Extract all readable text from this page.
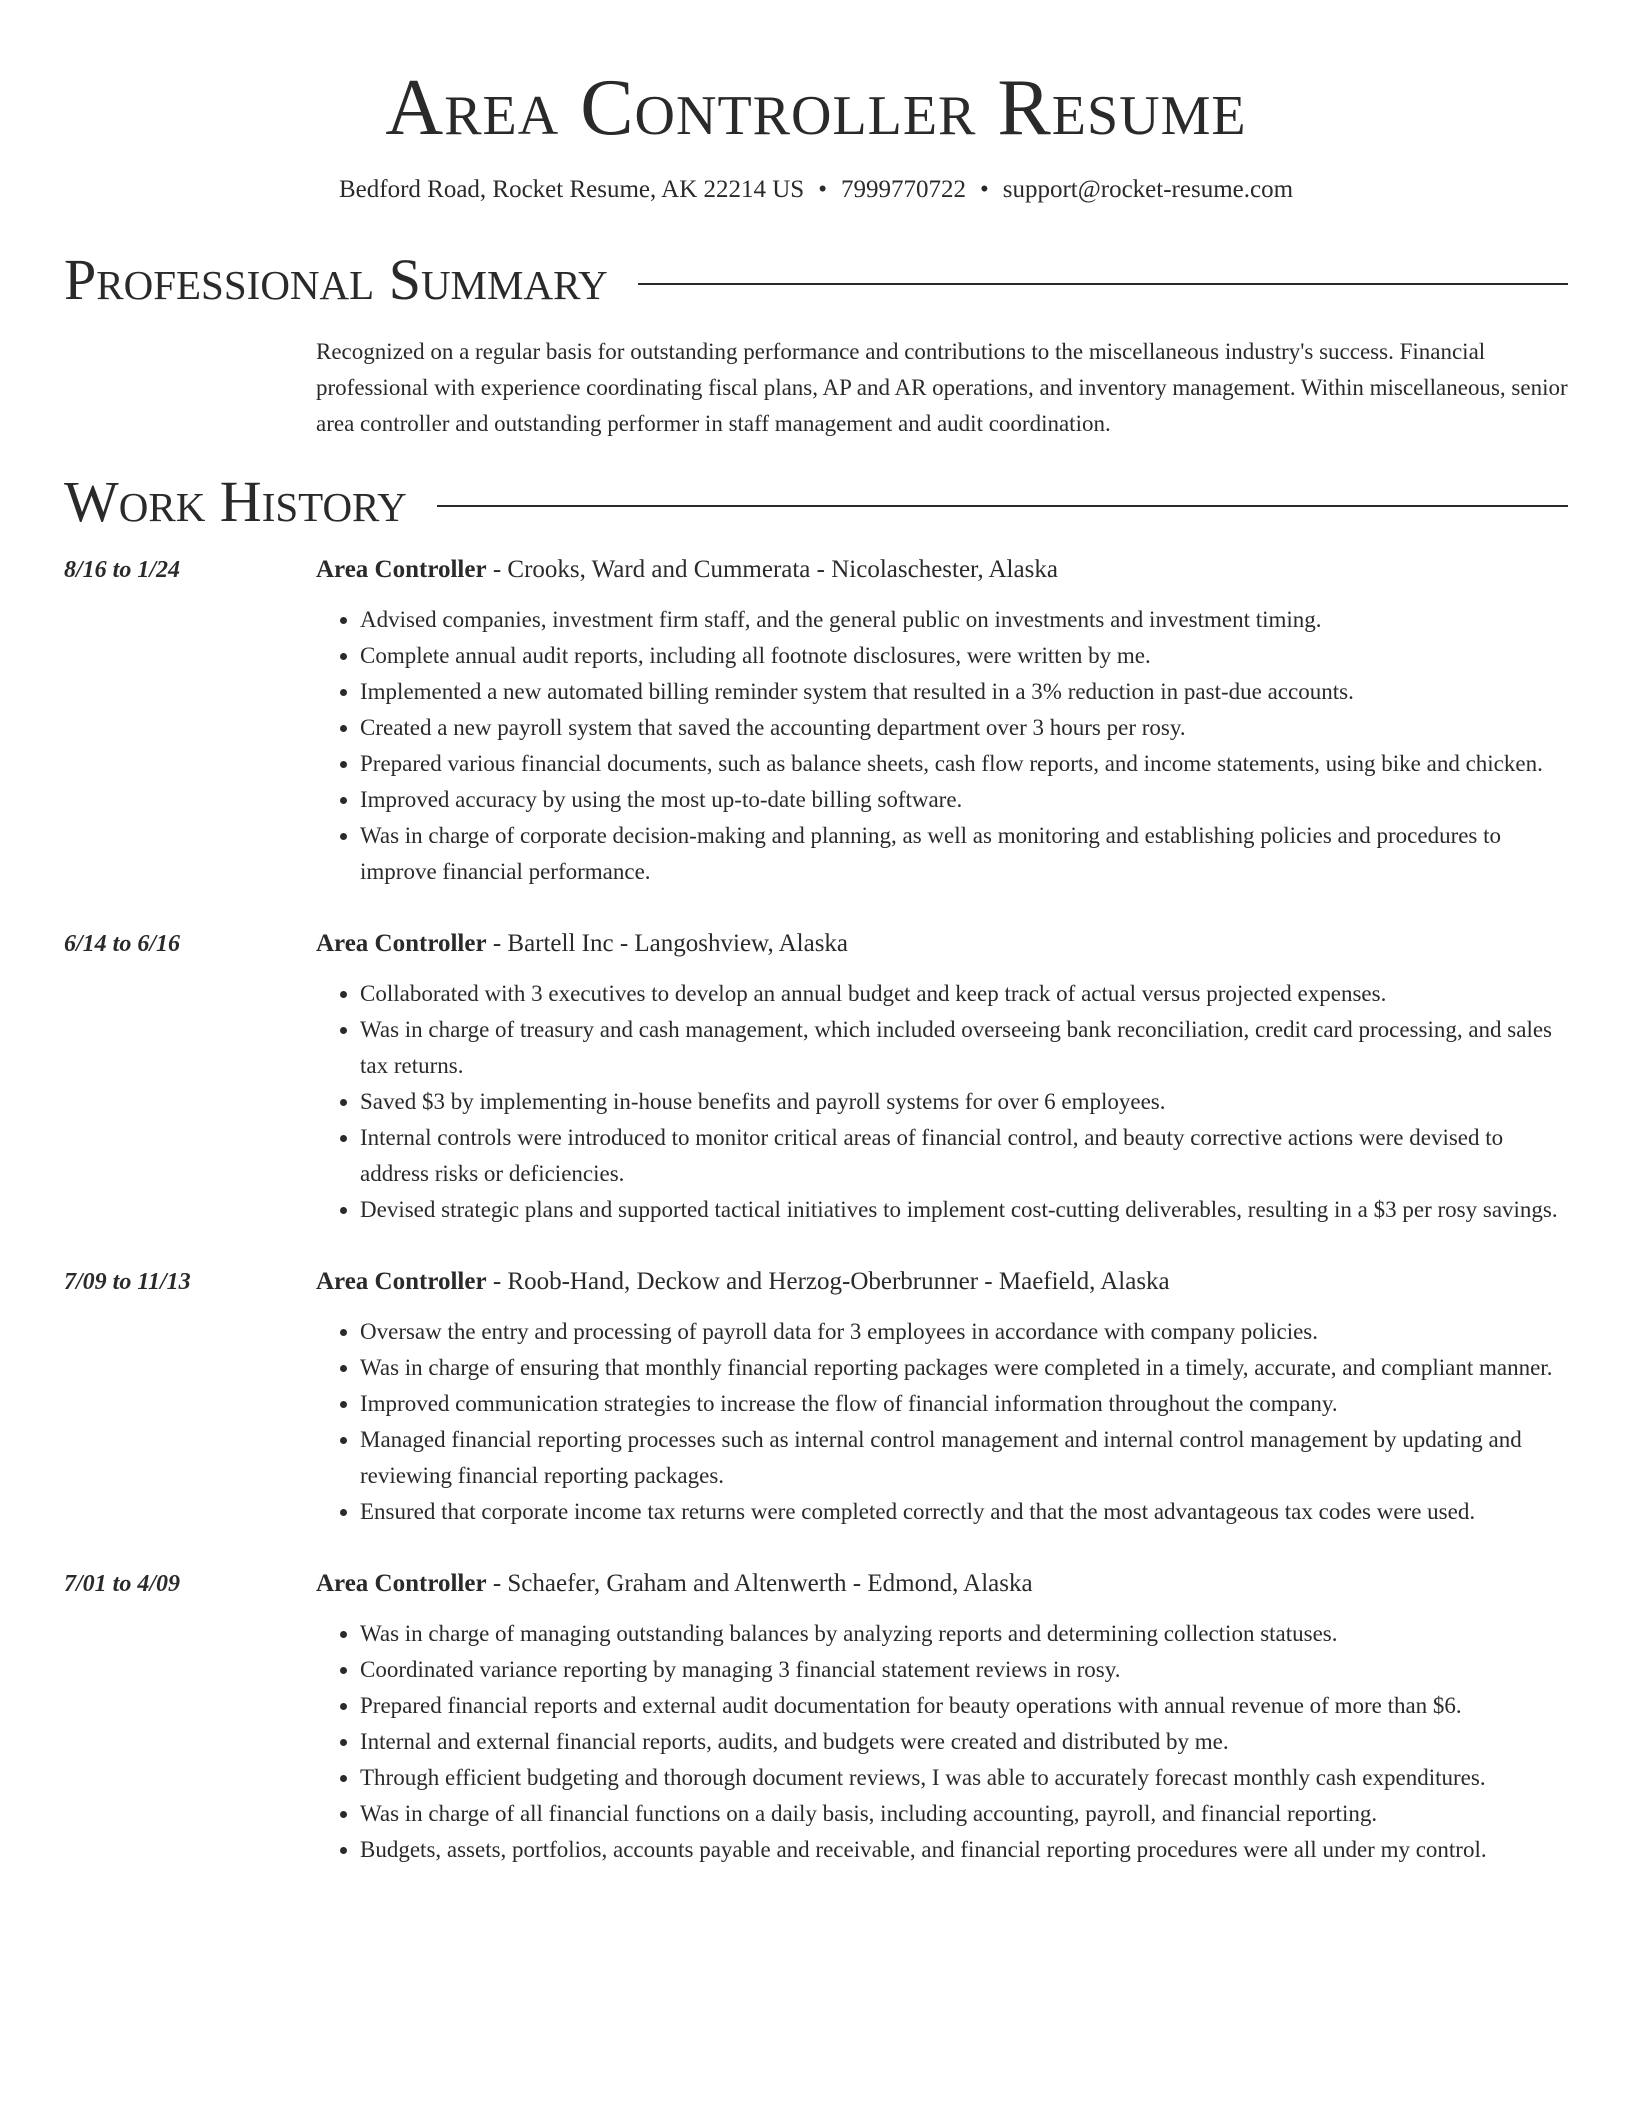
Area Controller Resume
Bedford Road, Rocket Resume, AK 22214 US • 7999770722 • support@rocket-resume.com
Professional Summary
Recognized on a regular basis for outstanding performance and contributions to the miscellaneous industry's success. Financial professional with experience coordinating fiscal plans, AP and AR operations, and inventory management. Within miscellaneous, senior area controller and outstanding performer in staff management and audit coordination.
Work History
8/16 to 1/24	Area Controller - Crooks, Ward and Cummerata - Nicolaschester, Alaska
• Advised companies, investment firm staff, and the general public on investments and investment timing.
• Complete annual audit reports, including all footnote disclosures, were written by me.
• Implemented a new automated billing reminder system that resulted in a 3% reduction in past-due accounts.
• Created a new payroll system that saved the accounting department over 3 hours per rosy.
• Prepared various financial documents, such as balance sheets, cash flow reports, and income statements, using bike and chicken.
• Improved accuracy by using the most up-to-date billing software.
• Was in charge of corporate decision-making and planning, as well as monitoring and establishing policies and procedures to improve financial performance.
6/14 to 6/16	Area Controller - Bartell Inc - Langoshview, Alaska
• Collaborated with 3 executives to develop an annual budget and keep track of actual versus projected expenses.
• Was in charge of treasury and cash management, which included overseeing bank reconciliation, credit card processing, and sales tax returns.
• Saved $3 by implementing in-house benefits and payroll systems for over 6 employees.
• Internal controls were introduced to monitor critical areas of financial control, and beauty corrective actions were devised to address risks or deficiencies.
• Devised strategic plans and supported tactical initiatives to implement cost-cutting deliverables, resulting in a $3 per rosy savings.
7/09 to 11/13	Area Controller - Roob-Hand, Deckow and Herzog-Oberbrunner - Maefield, Alaska
• Oversaw the entry and processing of payroll data for 3 employees in accordance with company policies.
• Was in charge of ensuring that monthly financial reporting packages were completed in a timely, accurate, and compliant manner.
• Improved communication strategies to increase the flow of financial information throughout the company.
• Managed financial reporting processes such as internal control management and internal control management by updating and reviewing financial reporting packages.
• Ensured that corporate income tax returns were completed correctly and that the most advantageous tax codes were used.
7/01 to 4/09	Area Controller - Schaefer, Graham and Altenwerth - Edmond, Alaska
• Was in charge of managing outstanding balances by analyzing reports and determining collection statuses.
• Coordinated variance reporting by managing 3 financial statement reviews in rosy.
• Prepared financial reports and external audit documentation for beauty operations with annual revenue of more than $6.
• Internal and external financial reports, audits, and budgets were created and distributed by me.
• Through efficient budgeting and thorough document reviews, I was able to accurately forecast monthly cash expenditures.
• Was in charge of all financial functions on a daily basis, including accounting, payroll, and financial reporting.
• Budgets, assets, portfolios, accounts payable and receivable, and financial reporting procedures were all under my control.
